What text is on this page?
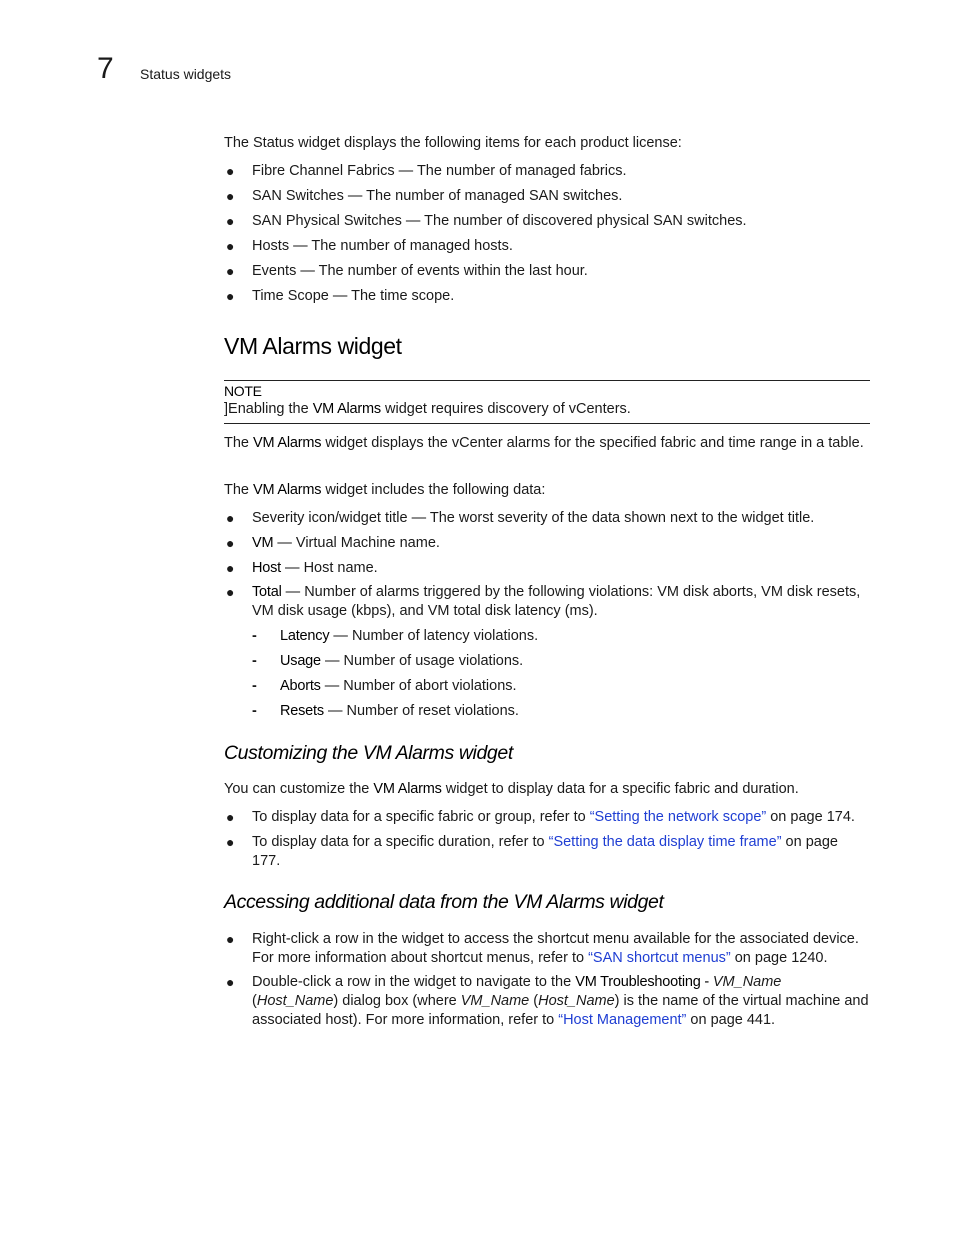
7 Status widgets
The Status widget displays the following items for each product license:
● Fibre Channel Fabrics — The number of managed fabrics.
● SAN Switches — The number of managed SAN switches.
● SAN Physical Switches — The number of discovered physical SAN switches.
● Hosts — The number of managed hosts.
● Events — The number of events within the last hour.
● Time Scope — The time scope.
VM Alarms widget
NOTE
]Enabling the VM Alarms widget requires discovery of vCenters.
The VM Alarms widget displays the vCenter alarms for the specified fabric and time range in a table.
The VM Alarms widget includes the following data:
● Severity icon/widget title — The worst severity of the data shown next to the widget title.
● VM — Virtual Machine name.
● Host — Host name.
● Total — Number of alarms triggered by the following violations: VM disk aborts, VM disk resets, VM disk usage (kbps), and VM total disk latency (ms).
- Latency — Number of latency violations.
- Usage — Number of usage violations.
- Aborts — Number of abort violations.
- Resets — Number of reset violations.
Customizing the VM Alarms widget
You can customize the VM Alarms widget to display data for a specific fabric and duration.
● To display data for a specific fabric or group, refer to “Setting the network scope” on page 174.
● To display data for a specific duration, refer to “Setting the data display time frame” on page 177.
Accessing additional data from the VM Alarms widget
● Right-click a row in the widget to access the shortcut menu available for the associated device. For more information about shortcut menus, refer to “SAN shortcut menus” on page 1240.
● Double-click a row in the widget to navigate to the VM Troubleshooting - VM_Name (Host_Name) dialog box (where VM_Name (Host_Name) is the name of the virtual machine and associated host). For more information, refer to “Host Management” on page 441.
